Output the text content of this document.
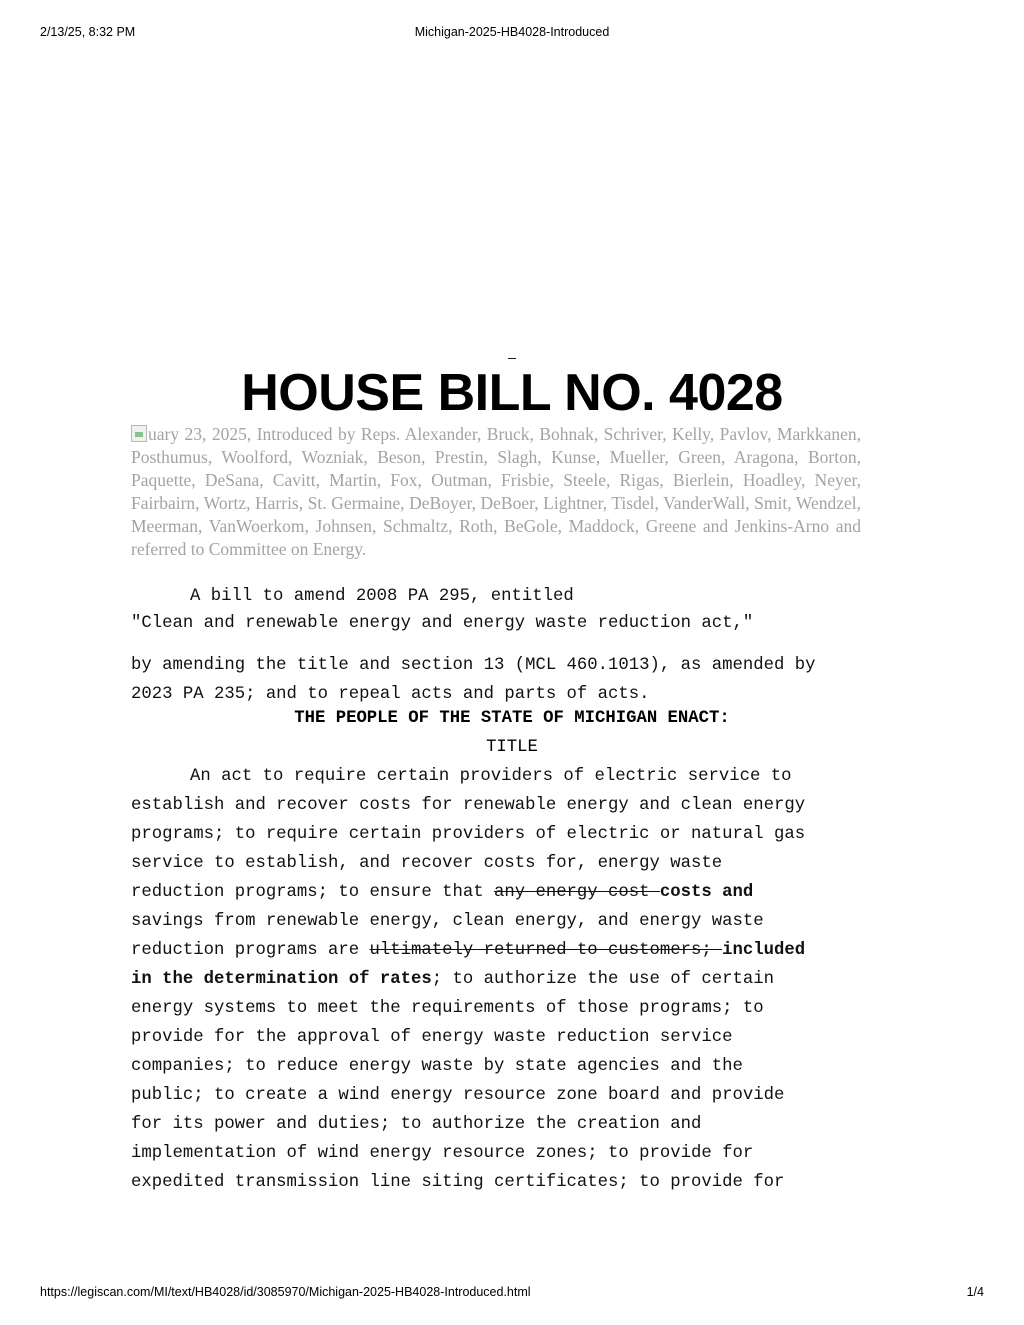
2/13/25, 8:32 PM	Michigan-2025-HB4028-Introduced
_
HOUSE BILL NO. 4028
uary 23, 2025, Introduced by Reps. Alexander, Bruck, Bohnak, Schriver, Kelly, Pavlov, Markkanen, Posthumus, Woolford, Wozniak, Beson, Prestin, Slagh, Kunse, Mueller, Green, Aragona, Borton, Paquette, DeSana, Cavitt, Martin, Fox, Outman, Frisbie, Steele, Rigas, Bierlein, Hoadley, Neyer, Fairbairn, Wortz, Harris, St. Germaine, DeBoyer, DeBoer, Lightner, Tisdel, VanderWall, Smit, Wendzel, Meerman, VanWoerkom, Johnsen, Schmaltz, Roth, BeGole, Maddock, Greene and Jenkins-Arno and referred to Committee on Energy.
A bill to amend 2008 PA 295, entitled
"Clean and renewable energy and energy waste reduction act,"
by amending the title and section 13 (MCL 460.1013), as amended by
2023 PA 235; and to repeal acts and parts of acts.
THE PEOPLE OF THE STATE OF MICHIGAN ENACT:
TITLE
An act to require certain providers of electric service to
establish and recover costs for renewable energy and clean energy
programs; to require certain providers of electric or natural gas
service to establish, and recover costs for, energy waste
reduction programs; to ensure that any energy cost costs and
savings from renewable energy, clean energy, and energy waste
reduction programs are ultimately returned to customers; included
in the determination of rates; to authorize the use of certain
energy systems to meet the requirements of those programs; to
provide for the approval of energy waste reduction service
companies; to reduce energy waste by state agencies and the
public; to create a wind energy resource zone board and provide
for its power and duties; to authorize the creation and
implementation of wind energy resource zones; to provide for
expedited transmission line siting certificates; to provide for
https://legiscan.com/MI/text/HB4028/id/3085970/Michigan-2025-HB4028-Introduced.html	1/4
